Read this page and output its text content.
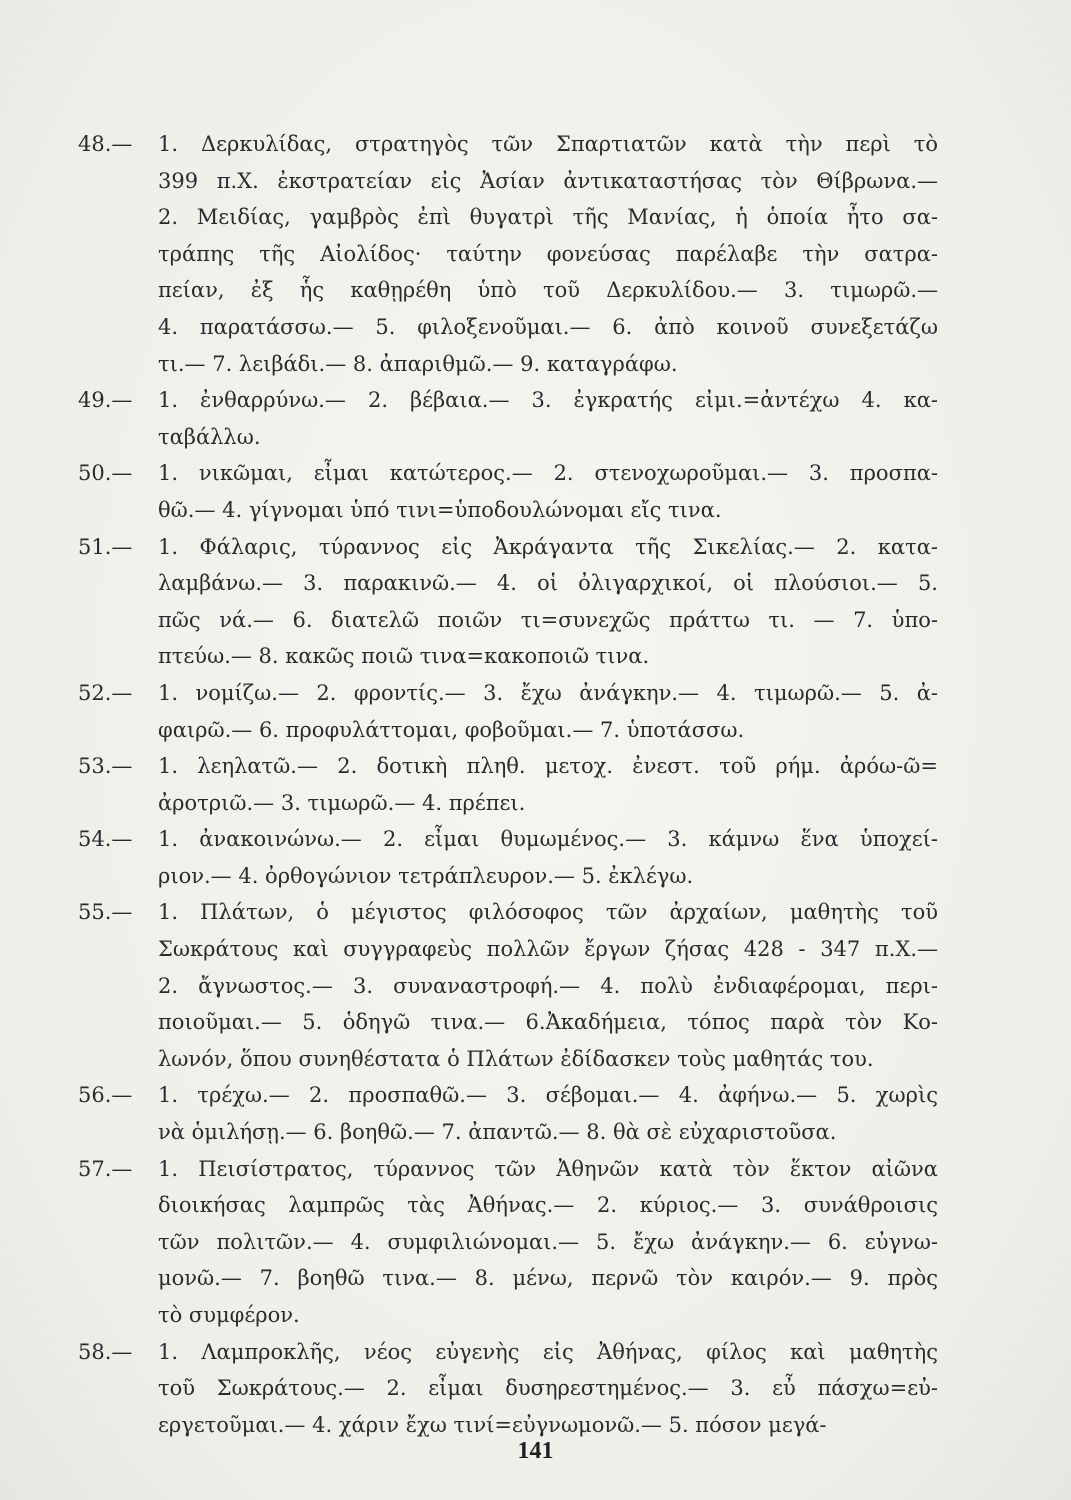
48.—	1. Δερκυλίδας, στρατηγὸς τῶν Σπαρτιατῶν κατὰ τὴν περὶ τὸ
399 π.Χ. ἐκστρατείαν εἰς Ἀσίαν ἀντικαταστήσας τὸν Θίβρωνα.—
2. Μειδίας, γαμβρὸς ἐπὶ θυγατρὶ τῆς Μανίας, ἡ ὁποία ἦτο σα-
τράπης τῆς Αἰολίδος· ταύτην φονεύσας παρέλαβε τὴν σατρα-
πείαν, ἐξ ἧς καθῃρέθη ὑπὸ τοῦ Δερκυλίδου.— 3. τιμωρῶ.—
4. παρατάσσω.— 5. φιλοξενοῦμαι.— 6. ἀπὸ κοινοῦ συνεξετάζω
τι.— 7. λειβάδι.— 8. ἀπαριθμῶ.— 9. καταγράφω.
49.—	1. ἐνθαρρύνω.— 2. βέβαια.— 3. ἐγκρατής εἰμι.=ἀντέχω 4. κα-
ταβάλλω.
50.—	1. νικῶμαι, εἶμαι κατώτερος.— 2. στενοχωροῦμαι.— 3. προσπα-
θῶ.— 4. γίγνομαι ὑπό τινι=ὑποδουλώνομαι εἴς τινα.
51.—	1. Φάλαρις, τύραννος εἰς Ἀκράγαντα τῆς Σικελίας.— 2. κατα-
λαμβάνω.— 3. παρακινῶ.— 4. οἱ ὀλιγαρχικοί, οἱ πλούσιοι.— 5.
πῶς νά.— 6. διατελῶ ποιῶν τι=συνεχῶς πράττω τι. — 7. ὑπο-
πτεύω.— 8. κακῶς ποιῶ τινα=κακοποιῶ τινα.
52.—	1. νομίζω.— 2. φροντίς.— 3. ἔχω ἀνάγκην.— 4. τιμωρῶ.— 5. ἀ-
φαιρῶ.— 6. προφυλάττομαι, φοβοῦμαι.— 7. ὑποτάσσω.
53.—	1. λεηλατῶ.— 2. δοτικὴ πληθ. μετοχ. ἐνεστ. τοῦ ρήμ. ἀρόω-ῶ=
ἀροτριῶ.— 3. τιμωρῶ.— 4. πρέπει.
54.—	1. ἀνακοινώνω.— 2. εἶμαι θυμωμένος.— 3. κάμνω ἕνα ὑποχεί-
ριον.— 4. ὀρθογώνιον τετράπλευρον.— 5. ἐκλέγω.
55.—	1. Πλάτων, ὁ μέγιστος φιλόσοφος τῶν ἀρχαίων, μαθητὴς τοῦ
Σωκράτους καὶ συγγραφεὺς πολλῶν ἔργων ζήσας 428 - 347 π.Χ.—
2. ἄγνωστος.— 3. συναναστροφή.— 4. πολὺ ἐνδιαφέρομαι, περι-
ποιοῦμαι.— 5. ὁδηγῶ τινα.— 6.Ἀκαδήμεια, τόπος παρὰ τὸν Κο-
λωνόν, ὅπου συνηθέστατα ὁ Πλάτων ἐδίδασκεν τοὺς μαθητάς του.
56.—	1. τρέχω.— 2. προσπαθῶ.— 3. σέβομαι.— 4. ἀφήνω.— 5. χωρὶς
νὰ ὁμιλήσῃ.— 6. βοηθῶ.— 7. ἀπαντῶ.— 8. θὰ σὲ εὐχαριστοῦσα.
57.—	1. Πεισίστρατος, τύραννος τῶν Ἀθηνῶν κατὰ τὸν ἕκτον αἰῶνα
διοικήσας λαμπρῶς τὰς Ἀθήνας.— 2. κύριος.— 3. συνάθροισις
τῶν πολιτῶν.— 4. συμφιλιώνομαι.— 5. ἔχω ἀνάγκην.— 6. εὐγνω-
μονῶ.— 7. βοηθῶ τινα.— 8. μένω, περνῶ τὸν καιρόν.— 9. πρὸς
τὸ συμφέρον.
58.—	1. Λαμπροκλῆς, νέος εὐγενὴς εἰς Ἀθήνας, φίλος καὶ μαθητὴς
τοῦ Σωκράτους.— 2. εἶμαι δυσηρεστημένος.— 3. εὖ πάσχω=εὐ-
εργετοῦμαι.— 4. χάριν ἔχω τινί=εὐγνωμονῶ.— 5. πόσον μεγά-
141
